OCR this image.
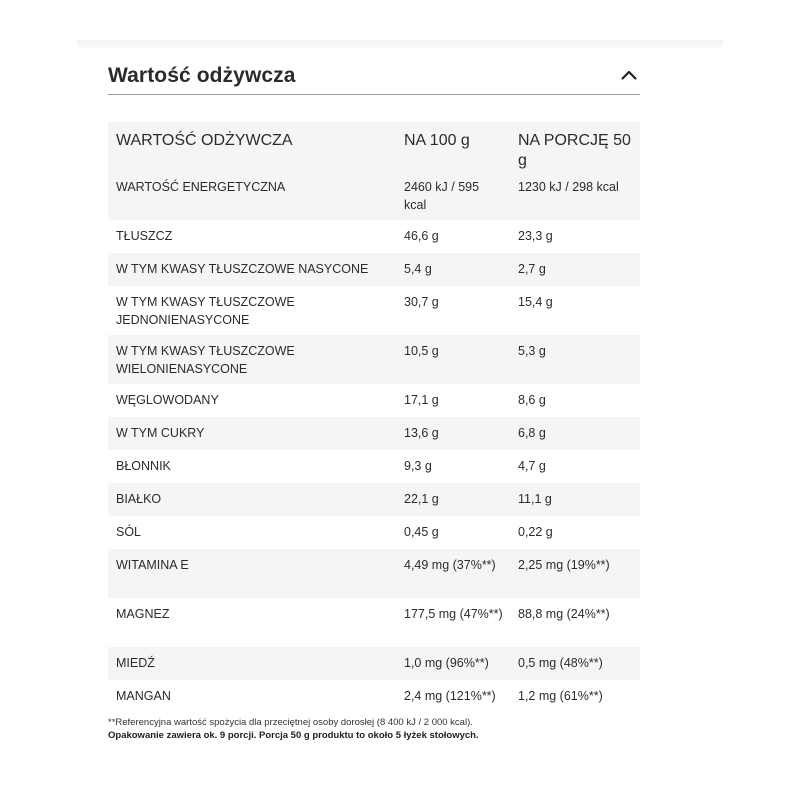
Wartość odżywcza
WARTOŚĆ ODŻYWCZA	NA 100 g	NA PORCJĘ 50 g
WARTOŚĆ ENERGETYCZNA	2460 kJ / 595 kcal	1230 kJ / 298 kcal
TŁUSZCZ	46,6 g	23,3 g
W TYM KWASY TŁUSZCZOWE NASYCONE	5,4 g	2,7 g
W TYM KWASY TŁUSZCZOWE JEDNONIENASYCONE	30,7 g	15,4 g
W TYM KWASY TŁUSZCZOWE WIELONIENASYCONE	10,5 g	5,3 g
WĘGLOWODANY	17,1 g	8,6 g
W TYM CUKRY	13,6 g	6,8 g
BŁONNIK	9,3 g	4,7 g
BIAŁKO	22,1 g	11,1 g
SÓL	0,45 g	0,22 g
WITAMINA E	4,49 mg (37%**)	2,25 mg (19%**)
MAGNEZ	177,5 mg (47%**)	88,8 mg (24%**)
MIEDŹ	1,0 mg (96%**)	0,5 mg (48%**)
MANGAN	2,4 mg (121%**)	1,2 mg (61%**)
**Referencyjna wartość spożycia dla przeciętnej osoby dorosłej (8 400 kJ / 2 000 kcal).
Opakowanie zawiera ok. 9 porcji. Porcja 50 g produktu to około 5 łyżek stołowych.
